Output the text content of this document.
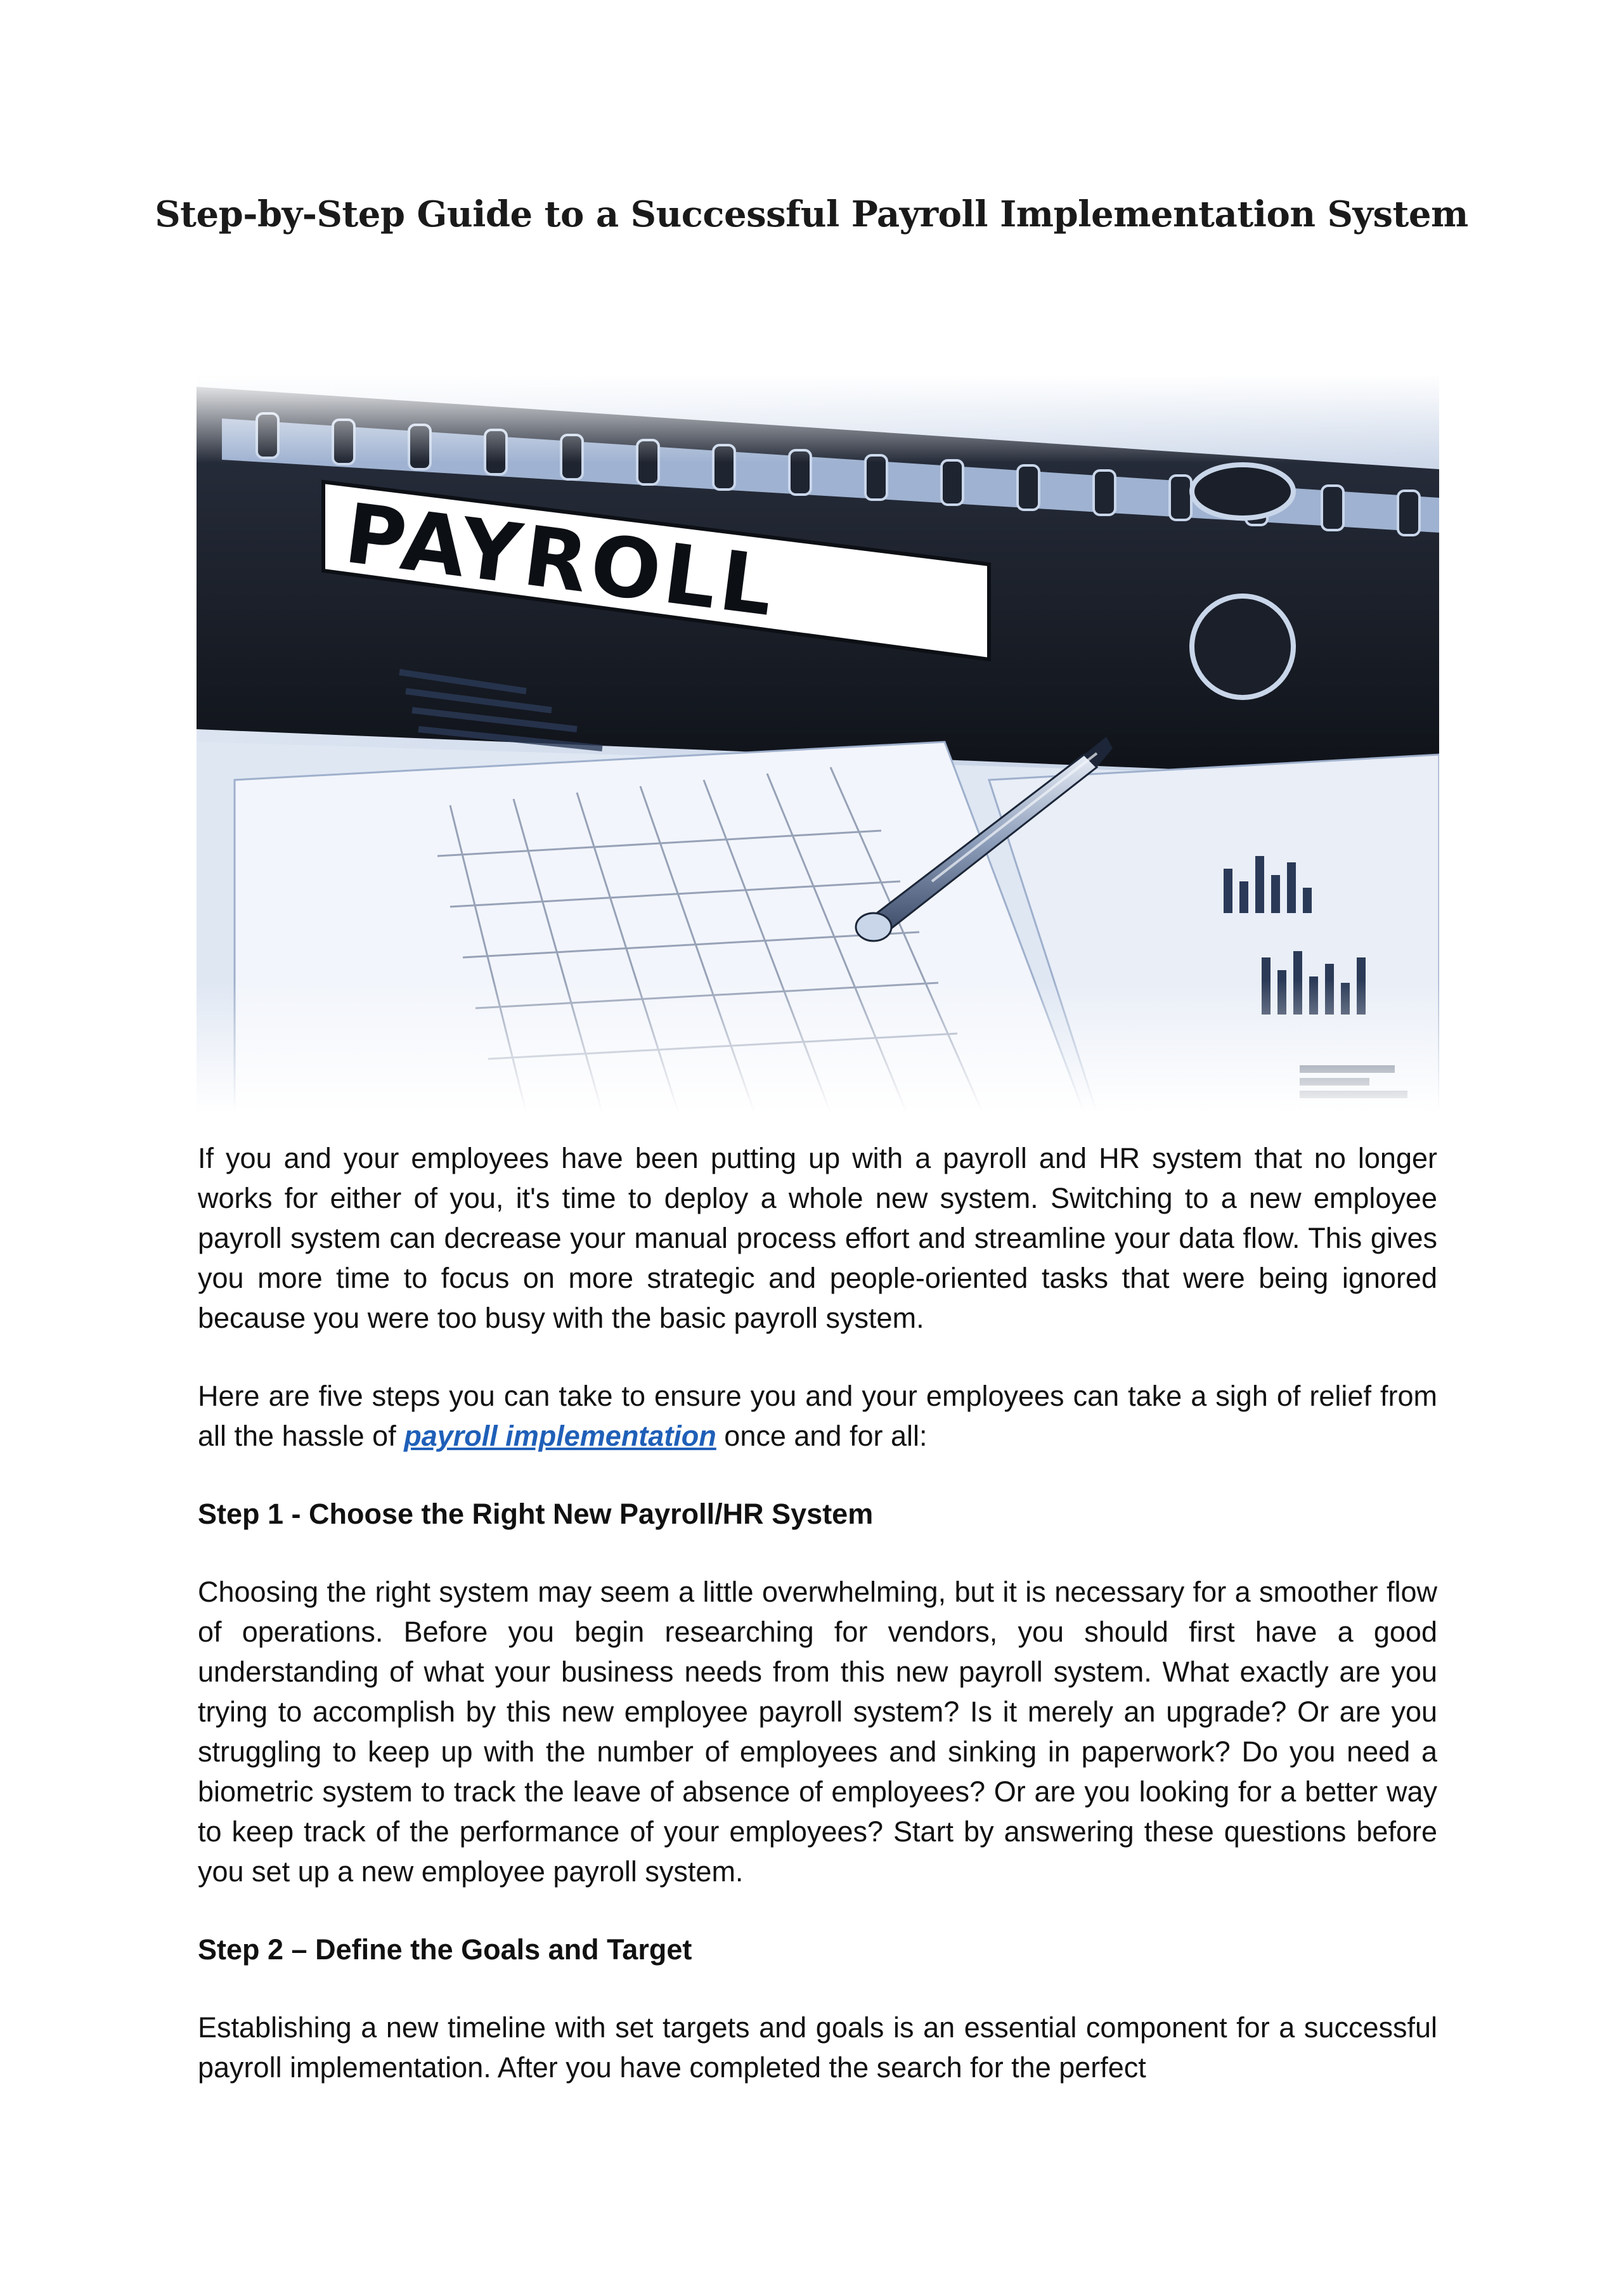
Step-by-Step Guide to a Successful Payroll Implementation System

If you and your employees have been putting up with a payroll and HR system that no longer works for either of you, it's time to deploy a whole new system. Switching to a new employee payroll system can decrease your manual process effort and streamline your data flow. This gives you more time to focus on more strategic and people-oriented tasks that were being ignored because you were too busy with the basic payroll system.

Here are five steps you can take to ensure you and your employees can take a sigh of relief from all the hassle of payroll implementation once and for all:

Step 1 - Choose the Right New Payroll/HR System

Choosing the right system may seem a little overwhelming, but it is necessary for a smoother flow of operations. Before you begin researching for vendors, you should first have a good understanding of what your business needs from this new payroll system. What exactly are you trying to accomplish by this new employee payroll system? Is it merely an upgrade? Or are you struggling to keep up with the number of employees and sinking in paperwork? Do you need a biometric system to track the leave of absence of employees? Or are you looking for a better way to keep track of the performance of your employees? Start by answering these questions before you set up a new employee payroll system.

Step 2 – Define the Goals and Target

Establishing a new timeline with set targets and goals is an essential component for a successful payroll implementation. After you have completed the search for the perfect
